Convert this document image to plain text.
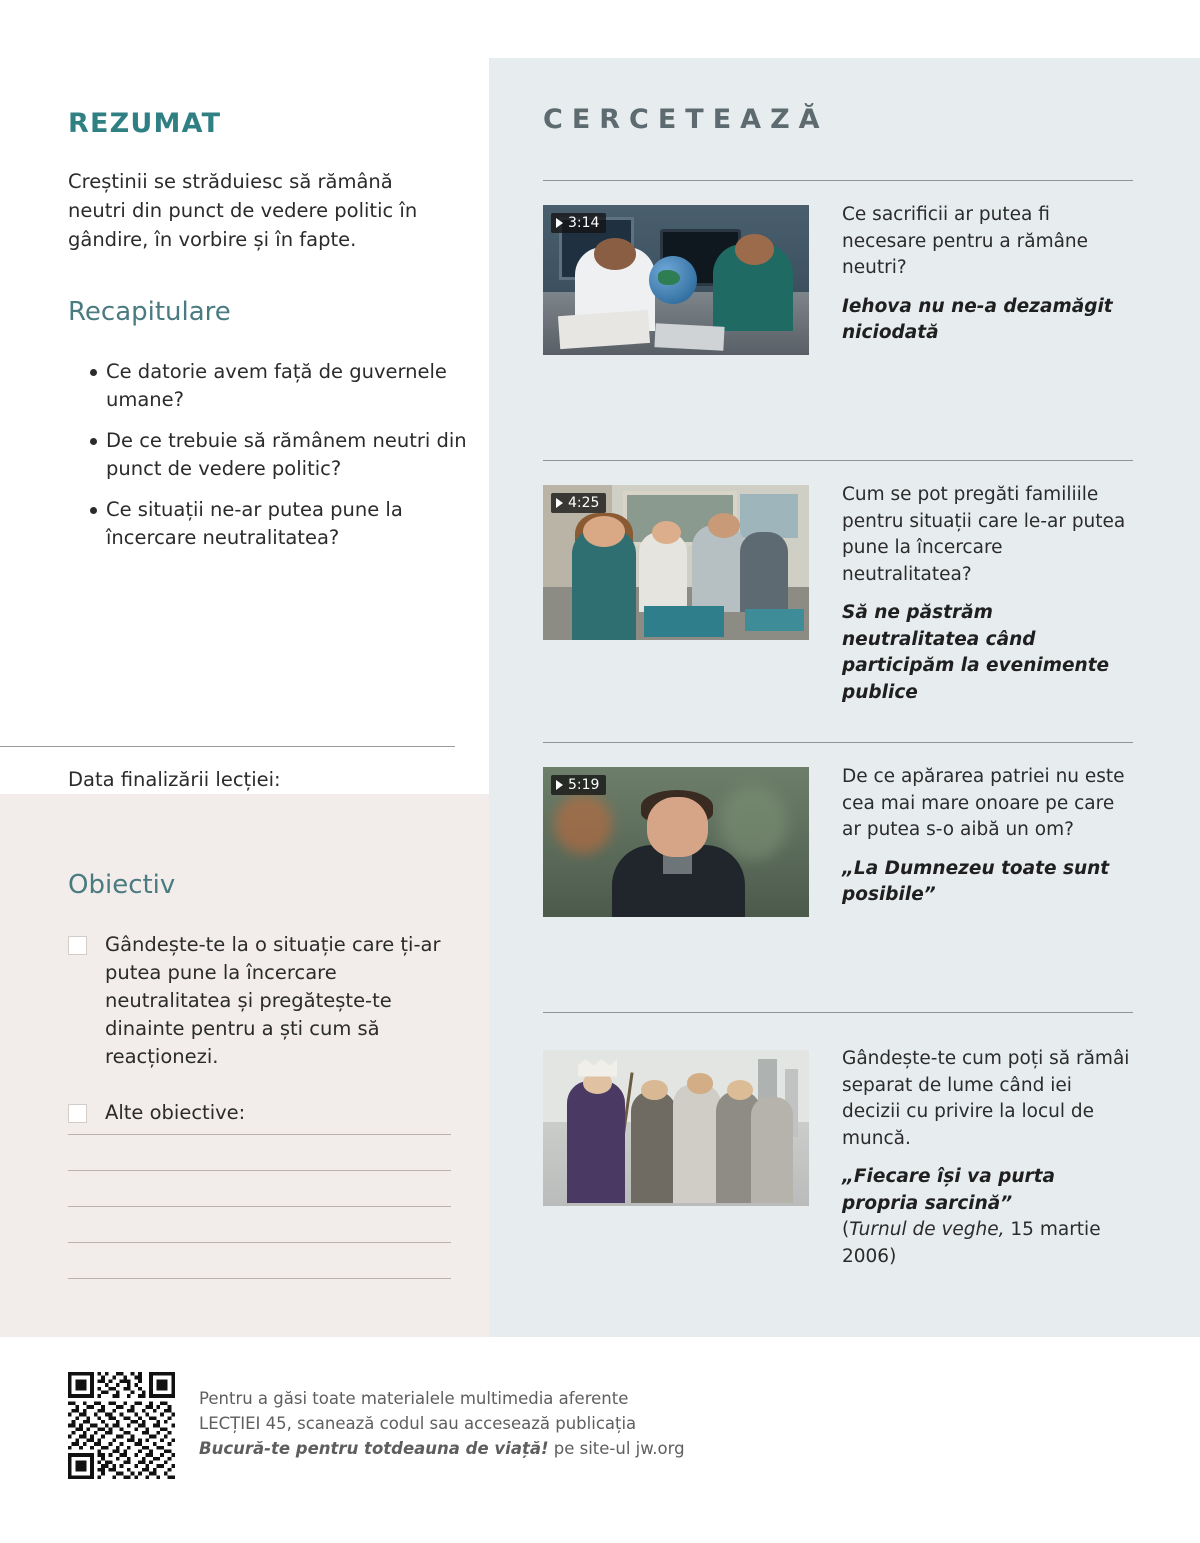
REZUMAT
Creștinii se străduiesc să rămână neutri din punct de vedere politic în gândire, în vorbire și în fapte.
Recapitulare
Ce datorie avem față de guvernele umane?
De ce trebuie să rămânem neutri din punct de vedere politic?
Ce situații ne-ar putea pune la încercare neutralitatea?
Data finalizării lecției:
Obiectiv
Gândește-te la o situație care ți-ar putea pune la încercare neutralitatea și pregătește-te dinainte pentru a ști cum să reacționezi.
Alte obiective:
CERCETEAZĂ
3:14	Ce sacrificii ar putea fi necesare pentru a rămâne neutri?
Iehova nu ne-a dezamăgit niciodată
4:25	Cum se pot pregăti familiile pentru situații care le-ar putea pune la încercare neutralitatea?
Să ne păstrăm neutralitatea când participăm la evenimente publice
5:19	De ce apărarea patriei nu este cea mai mare onoare pe care ar putea s-o aibă un om?
„La Dumnezeu toate sunt posibile”
Gândește-te cum poți să rămâi separat de lume când iei decizii cu privire la locul de muncă.
„Fiecare își va purta propria sarcină”
(Turnul de veghe, 15 martie 2006)
Pentru a găsi toate materialele multimedia aferente
LECȚIEI 45, scanează codul sau accesează publicația
Bucură-te pentru totdeauna de viață! pe site-ul jw.org
